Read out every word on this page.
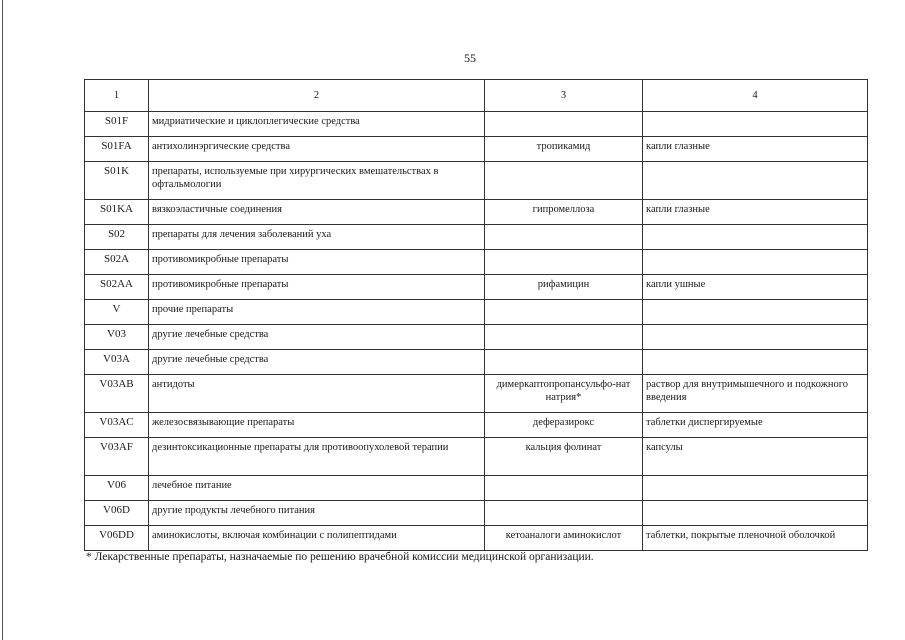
55
1	2	3	4
S01F	мидриатические и циклоплегические средства		
S01FA	антихолинэргические средства	тропикамид	капли глазные
S01K	препараты, используемые при хирургических вмешательствах в офтальмологии		
S01KA	вязкоэластичные соединения	гипромеллоза	капли глазные
S02	препараты для лечения заболеваний уха		
S02A	противомикробные препараты		
S02AA	противомикробные препараты	рифамицин	капли ушные
V	прочие препараты		
V03	другие лечебные средства		
V03A	другие лечебные средства		
V03AB	антидоты	димеркаптопропансульфо-нат натрия*	раствор для внутримышечного и подкожного введения
V03AC	железосвязывающие препараты	деферазирокс	таблетки диспергируемые
V03AF	дезинтоксикационные препараты для противоопухолевой терапии	кальция фолинат	капсулы
V06	лечебное питание		
V06D	другие продукты лечебного питания		
V06DD	аминокислоты, включая комбинации с полипептидами	кетоаналоги аминокислот	таблетки, покрытые пленочной оболочкой
* Лекарственные препараты, назначаемые по решению врачебной комиссии медицинской организации.
